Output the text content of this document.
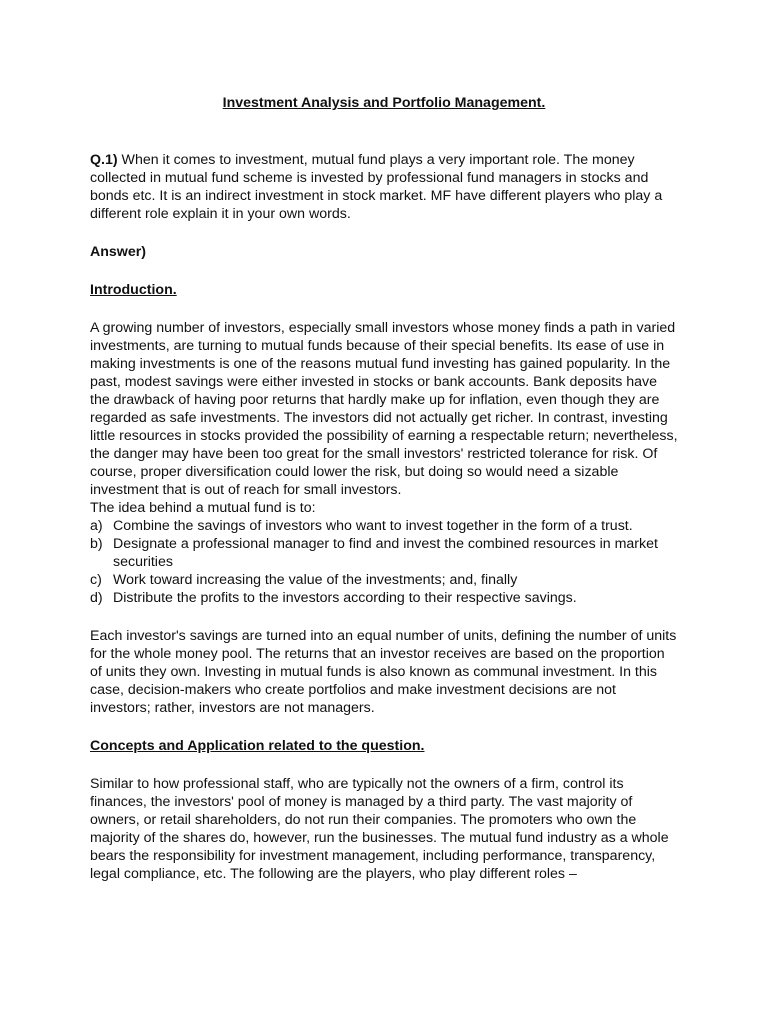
Investment Analysis and Portfolio Management.

Q.1) When it comes to investment, mutual fund plays a very important role. The money collected in mutual fund scheme is invested by professional fund managers in stocks and bonds etc. It is an indirect investment in stock market. MF have different players who play a different role explain it in your own words.

Answer)

Introduction.

A growing number of investors, especially small investors whose money finds a path in varied investments, are turning to mutual funds because of their special benefits. Its ease of use in making investments is one of the reasons mutual fund investing has gained popularity. In the past, modest savings were either invested in stocks or bank accounts. Bank deposits have the drawback of having poor returns that hardly make up for inflation, even though they are regarded as safe investments. The investors did not actually get richer. In contrast, investing little resources in stocks provided the possibility of earning a respectable return; nevertheless, the danger may have been too great for the small investors' restricted tolerance for risk. Of course, proper diversification could lower the risk, but doing so would need a sizable investment that is out of reach for small investors.

The idea behind a mutual fund is to:

a) Combine the savings of investors who want to invest together in the form of a trust.
b) Designate a professional manager to find and invest the combined resources in market securities
c) Work toward increasing the value of the investments; and, finally
d) Distribute the profits to the investors according to their respective savings.

Each investor's savings are turned into an equal number of units, defining the number of units for the whole money pool. The returns that an investor receives are based on the proportion of units they own. Investing in mutual funds is also known as communal investment. In this case, decision-makers who create portfolios and make investment decisions are not investors; rather, investors are not managers.

Concepts and Application related to the question.

Similar to how professional staff, who are typically not the owners of a firm, control its finances, the investors' pool of money is managed by a third party. The vast majority of owners, or retail shareholders, do not run their companies. The promoters who own the majority of the shares do, however, run the businesses. The mutual fund industry as a whole bears the responsibility for investment management, including performance, transparency, legal compliance, etc. The following are the players, who play different roles –
